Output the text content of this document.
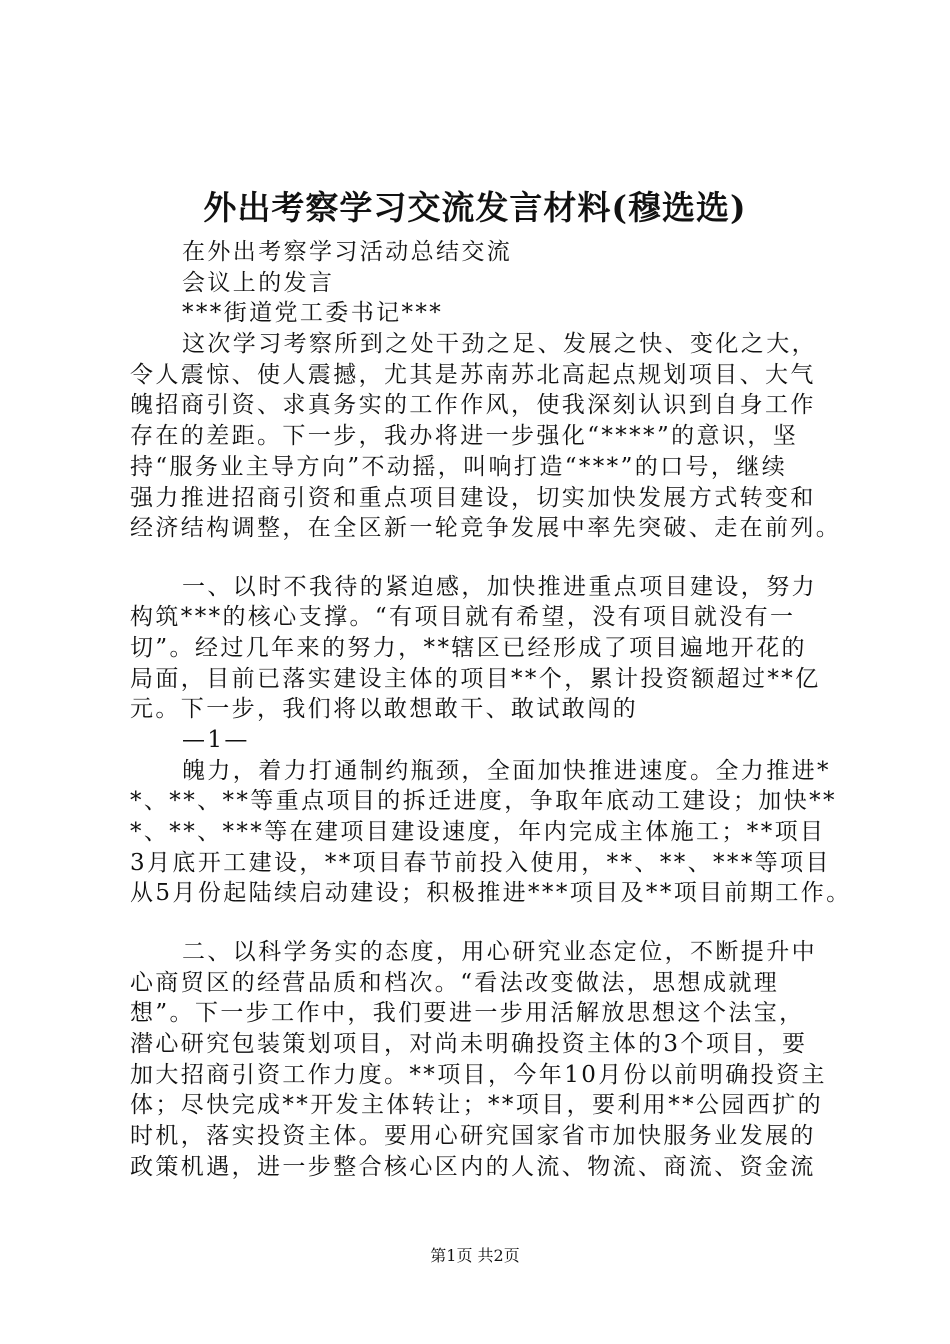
外出考察学习交流发言材料(穆选选)
在外出考察学习活动总结交流
会议上的发言
***街道党工委书记***
这次学习考察所到之处干劲之足、发展之快、变化之大，
令人震惊、使人震撼，尤其是苏南苏北高起点规划项目、大气
魄招商引资、求真务实的工作作风，使我深刻认识到自身工作
存在的差距。下一步，我办将进一步强化“****”的意识，坚
持“服务业主导方向”不动摇，叫响打造“***”的口号，继续
强力推进招商引资和重点项目建设，切实加快发展方式转变和
经济结构调整，在全区新一轮竞争发展中率先突破、走在前列。
一、以时不我待的紧迫感，加快推进重点项目建设，努力
构筑***的核心支撑。“有项目就有希望，没有项目就没有一
切”。经过几年来的努力，**辖区已经形成了项目遍地开花的
局面，目前已落实建设主体的项目**个，累计投资额超过**亿
元。下一步，我们将以敢想敢干、敢试敢闯的
—1—
魄力，着力打通制约瓶颈，全面加快推进速度。全力推进*
*、**、**等重点项目的拆迁进度，争取年底动工建设；加快**
*、**、***等在建项目建设速度，年内完成主体施工；**项目
3月底开工建设，**项目春节前投入使用，**、**、***等项目
从5月份起陆续启动建设；积极推进***项目及**项目前期工作。
二、以科学务实的态度，用心研究业态定位，不断提升中
心商贸区的经营品质和档次。“看法改变做法，思想成就理
想”。下一步工作中，我们要进一步用活解放思想这个法宝，
潜心研究包装策划项目，对尚未明确投资主体的3个项目，要
加大招商引资工作力度。**项目，今年10月份以前明确投资主
体；尽快完成**开发主体转让；**项目，要利用**公园西扩的
时机，落实投资主体。要用心研究国家省市加快服务业发展的
政策机遇，进一步整合核心区内的人流、物流、商流、资金流
第1页 共2页
